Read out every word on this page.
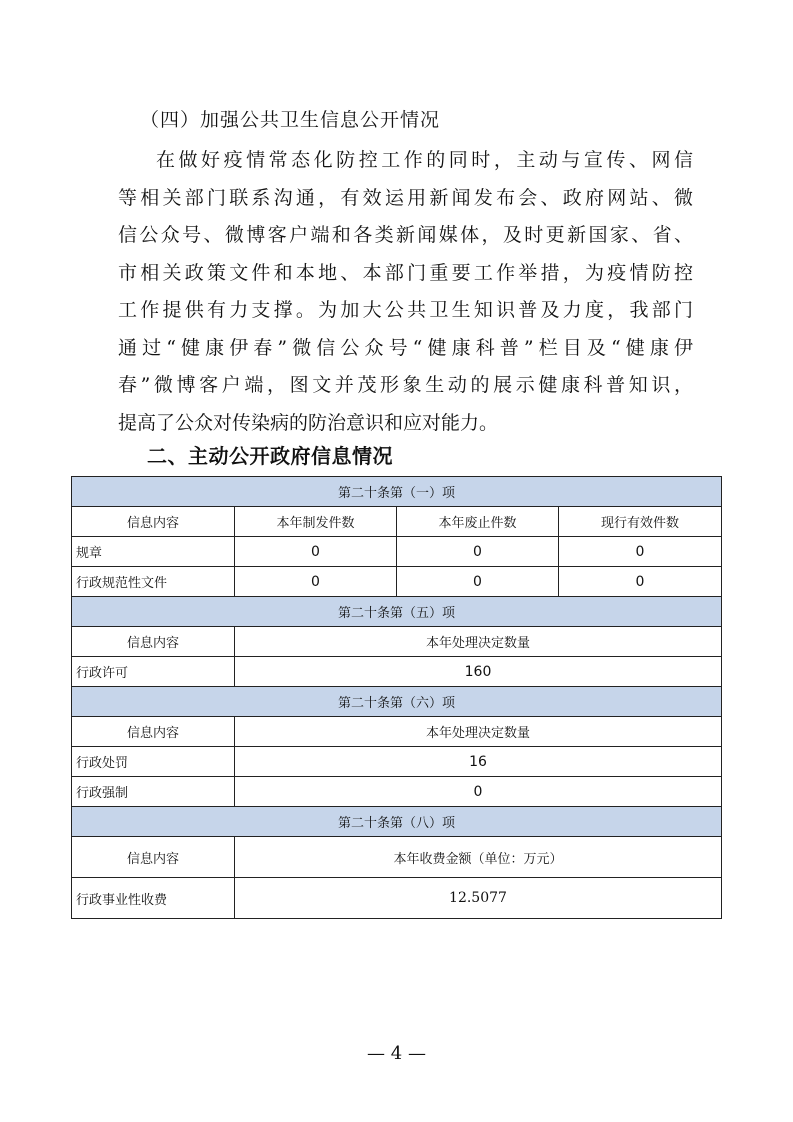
（四）加强公共卫生信息公开情况
在做好疫情常态化防控工作的同时，主动与宣传、网信
等相关部门联系沟通，有效运用新闻发布会、政府网站、微
信公众号、微博客户端和各类新闻媒体，及时更新国家、省、
市相关政策文件和本地、本部门重要工作举措，为疫情防控
工作提供有力支撑。为加大公共卫生知识普及力度，我部门
通过“健康伊春”微信公众号“健康科普”栏目及“健康伊
春”微博客户端，图文并茂形象生动的展示健康科普知识，
提高了公众对传染病的防治意识和应对能力。
二、主动公开政府信息情况
第二十条第（一）项			
信息内容	本年制发件数	本年废止件数	现行有效件数
规章	0	0	0
行政规范性文件	0	0	0
第二十条第（五）项			
信息内容	本年处理决定数量		
行政许可	160		
第二十条第（六）项			
信息内容	本年处理决定数量		
行政处罚	16		
行政强制	0		
第二十条第（八）项			
信息内容	本年收费金额（单位：万元）		
行政事业性收费	12.5077		
— 4 —
